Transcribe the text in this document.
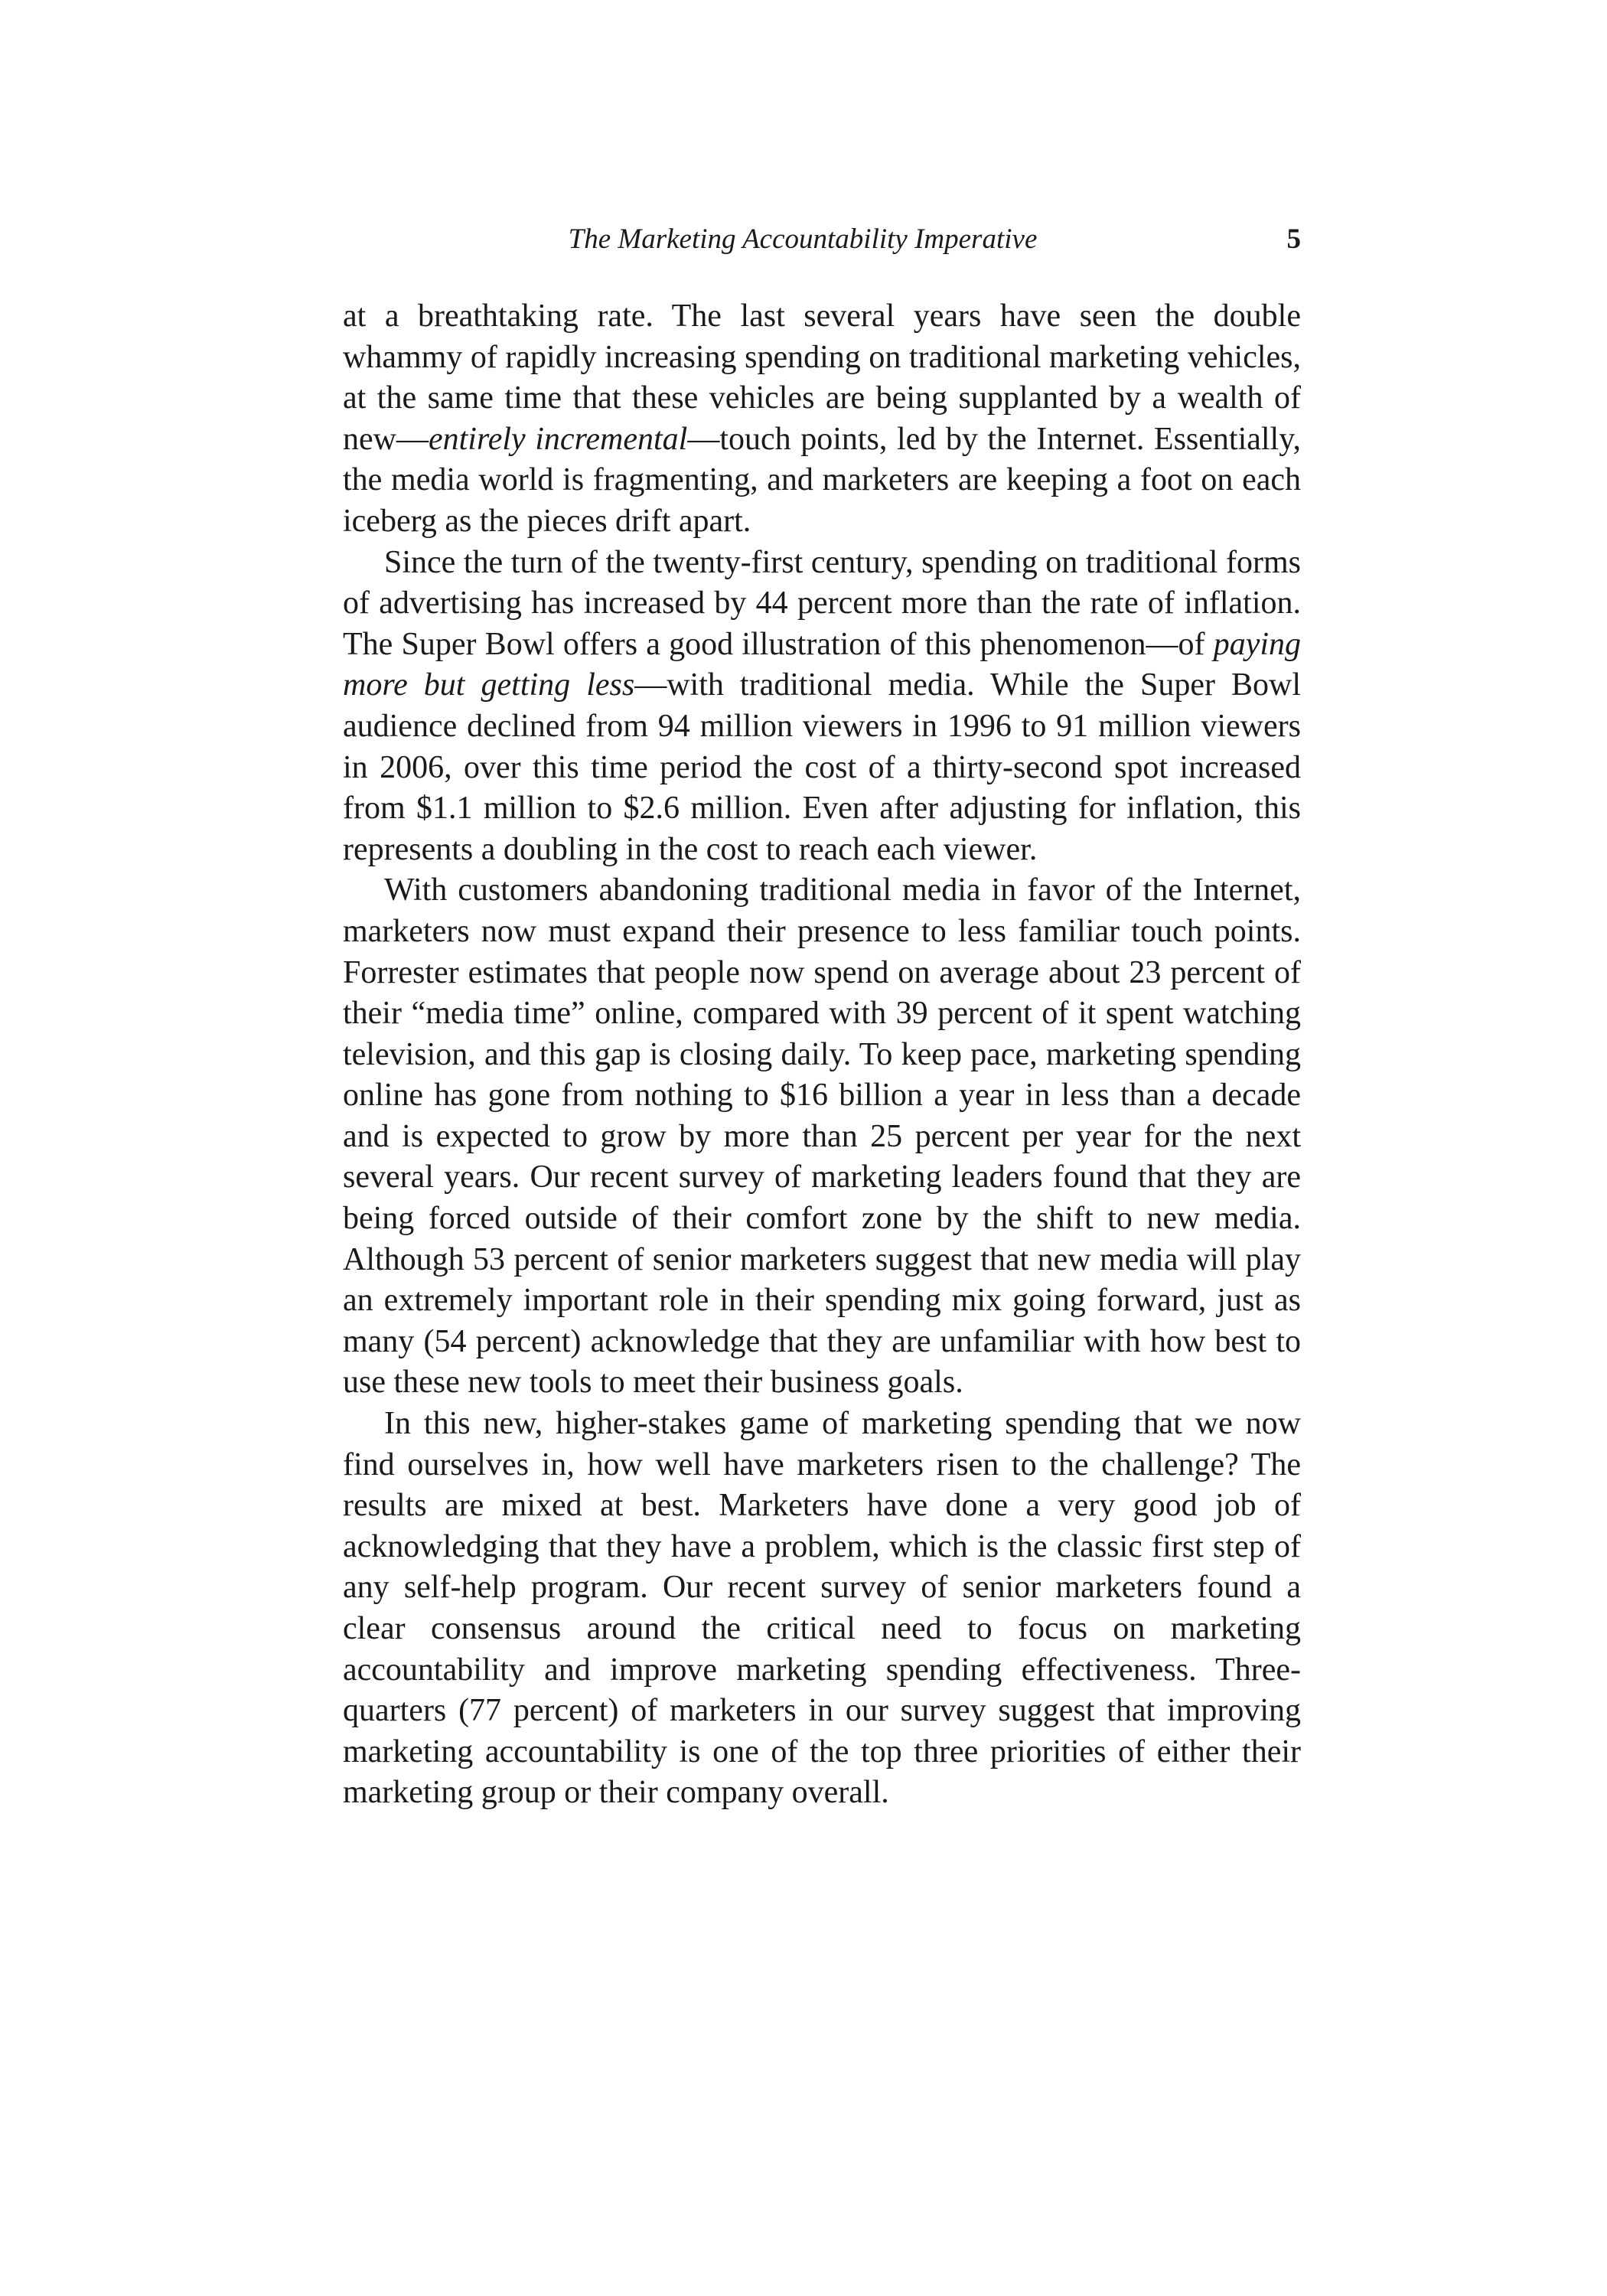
The Marketing Accountability Imperative	5

at a breathtaking rate. The last several years have seen the double whammy of rapidly increasing spending on traditional marketing vehicles, at the same time that these vehicles are being supplanted by a wealth of new—entirely incremental—touch points, led by the Internet. Essentially, the media world is fragmenting, and marketers are keeping a foot on each iceberg as the pieces drift apart.

Since the turn of the twenty-first century, spending on traditional forms of advertising has increased by 44 percent more than the rate of inflation. The Super Bowl offers a good illustration of this phenomenon—of paying more but getting less—with traditional media. While the Super Bowl audience declined from 94 million viewers in 1996 to 91 million viewers in 2006, over this time period the cost of a thirty-second spot increased from $1.1 million to $2.6 million. Even after adjusting for inflation, this represents a doubling in the cost to reach each viewer.

With customers abandoning traditional media in favor of the Internet, marketers now must expand their presence to less familiar touch points. Forrester estimates that people now spend on average about 23 percent of their “media time” online, compared with 39 percent of it spent watching television, and this gap is closing daily. To keep pace, marketing spending online has gone from nothing to $16 billion a year in less than a decade and is expected to grow by more than 25 percent per year for the next several years. Our recent survey of marketing leaders found that they are being forced outside of their comfort zone by the shift to new media. Although 53 percent of senior marketers suggest that new media will play an extremely important role in their spending mix going forward, just as many (54 percent) acknowledge that they are unfamiliar with how best to use these new tools to meet their business goals.

In this new, higher-stakes game of marketing spending that we now find ourselves in, how well have marketers risen to the challenge? The results are mixed at best. Marketers have done a very good job of acknowledging that they have a problem, which is the classic first step of any self-help program. Our recent survey of senior marketers found a clear consensus around the critical need to focus on marketing accountability and improve marketing spending effectiveness. Three-quarters (77 percent) of marketers in our survey suggest that improving marketing accountability is one of the top three priorities of either their marketing group or their company overall.
